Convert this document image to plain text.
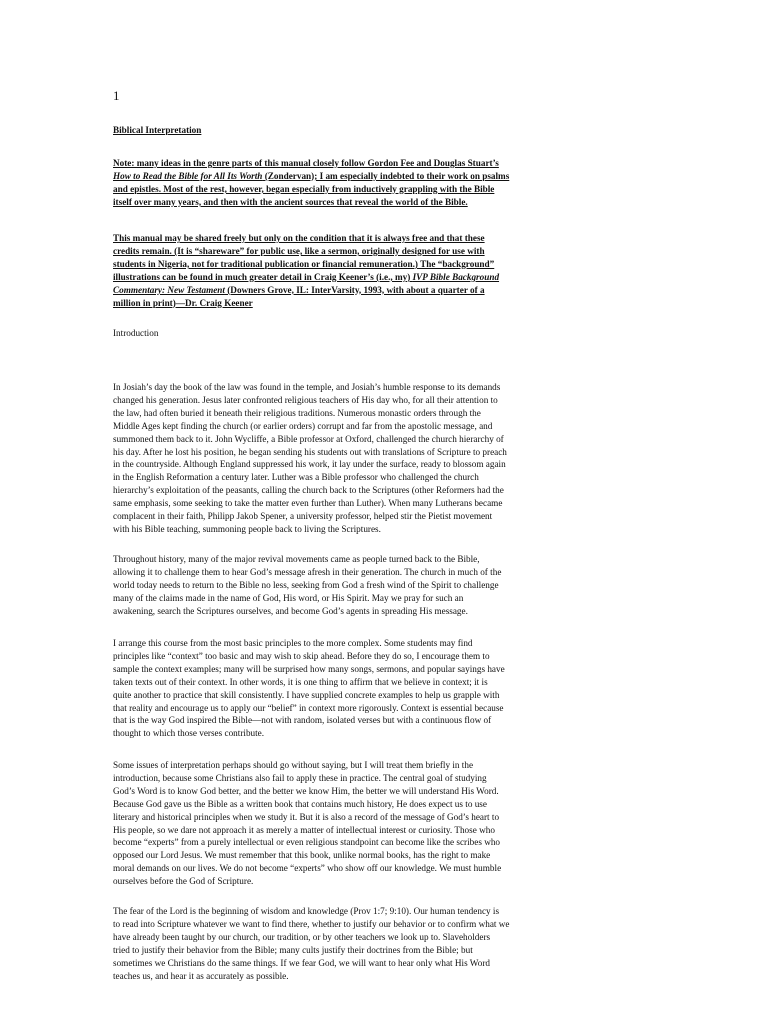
1

Biblical Interpretation

Note: many ideas in the genre parts of this manual closely follow Gordon Fee and Douglas Stuart’s
How to Read the Bible for All Its Worth (Zondervan); I am especially indebted to their work on psalms
and epistles. Most of the rest, however, began especially from inductively grappling with the Bible
itself over many years, and then with the ancient sources that reveal the world of the Bible.

This manual may be shared freely but only on the condition that it is always free and that these
credits remain. (It is “shareware” for public use, like a sermon, originally designed for use with
students in Nigeria, not for traditional publication or financial remuneration.) The “background”
illustrations can be found in much greater detail in Craig Keener’s (i.e., my) IVP Bible Background
Commentary: New Testament (Downers Grove, IL: InterVarsity, 1993, with about a quarter of a
million in print)—Dr. Craig Keener

Introduction

In Josiah’s day the book of the law was found in the temple, and Josiah’s humble response to its demands
changed his generation. Jesus later confronted religious teachers of His day who, for all their attention to
the law, had often buried it beneath their religious traditions. Numerous monastic orders through the
Middle Ages kept finding the church (or earlier orders) corrupt and far from the apostolic message, and
summoned them back to it. John Wycliffe, a Bible professor at Oxford, challenged the church hierarchy of
his day. After he lost his position, he began sending his students out with translations of Scripture to preach
in the countryside. Although England suppressed his work, it lay under the surface, ready to blossom again
in the English Reformation a century later. Luther was a Bible professor who challenged the church
hierarchy’s exploitation of the peasants, calling the church back to the Scriptures (other Reformers had the
same emphasis, some seeking to take the matter even further than Luther). When many Lutherans became
complacent in their faith, Philipp Jakob Spener, a university professor, helped stir the Pietist movement
with his Bible teaching, summoning people back to living the Scriptures.

Throughout history, many of the major revival movements came as people turned back to the Bible,
allowing it to challenge them to hear God’s message afresh in their generation. The church in much of the
world today needs to return to the Bible no less, seeking from God a fresh wind of the Spirit to challenge
many of the claims made in the name of God, His word, or His Spirit. May we pray for such an
awakening, search the Scriptures ourselves, and become God’s agents in spreading His message.

I arrange this course from the most basic principles to the more complex. Some students may find
principles like “context” too basic and may wish to skip ahead. Before they do so, I encourage them to
sample the context examples; many will be surprised how many songs, sermons, and popular sayings have
taken texts out of their context. In other words, it is one thing to affirm that we believe in context; it is
quite another to practice that skill consistently. I have supplied concrete examples to help us grapple with
that reality and encourage us to apply our “belief” in context more rigorously. Context is essential because
that is the way God inspired the Bible—not with random, isolated verses but with a continuous flow of
thought to which those verses contribute.

Some issues of interpretation perhaps should go without saying, but I will treat them briefly in the
introduction, because some Christians also fail to apply these in practice. The central goal of studying
God’s Word is to know God better, and the better we know Him, the better we will understand His Word.
Because God gave us the Bible as a written book that contains much history, He does expect us to use
literary and historical principles when we study it. But it is also a record of the message of God’s heart to
His people, so we dare not approach it as merely a matter of intellectual interest or curiosity. Those who
become “experts” from a purely intellectual or even religious standpoint can become like the scribes who
opposed our Lord Jesus. We must remember that this book, unlike normal books, has the right to make
moral demands on our lives. We do not become “experts” who show off our knowledge. We must humble
ourselves before the God of Scripture.

The fear of the Lord is the beginning of wisdom and knowledge (Prov 1:7; 9:10). Our human tendency is
to read into Scripture whatever we want to find there, whether to justify our behavior or to confirm what we
have already been taught by our church, our tradition, or by other teachers we look up to. Slaveholders
tried to justify their behavior from the Bible; many cults justify their doctrines from the Bible; but
sometimes we Christians do the same things. If we fear God, we will want to hear only what His Word
teaches us, and hear it as accurately as possible.
